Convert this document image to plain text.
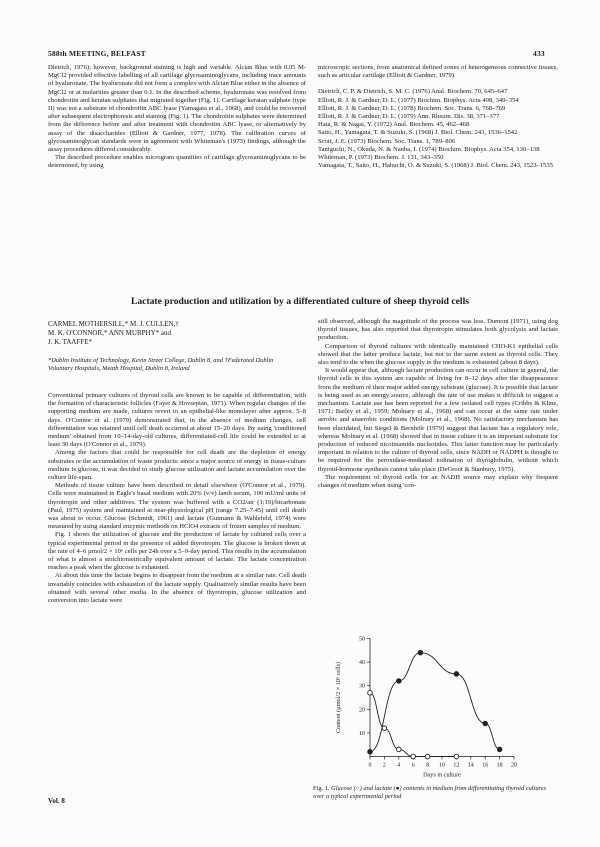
588th MEETING, BELFAST	433

Dietrich, 1976); however, background staining is high and variable. Alcian Blue with 0.05 M-MgCl2 provided effective labelling of all cartilage glycosaminoglycans, including trace amounts of hyaluronate. The hyaluronate did not form a complex with Alcian Blue either in the absence of MgCl2 or at molarities greater than 0.1. In the described scheme, hyaluronate was resolved from chondroitin and keratan sulphates that migrated together (Fig. 1). Cartilage keratan sulphate (type II) was not a substrate of chondroitin ABC lyase (Yamagata et al., 1968), and could be recovered after subsequent electrophoresis and staining (Fig. 1). The chondroitin sulphates were determined from the difference before and after treatment with chondroitin ABC lyase, or alternatively by assay of the disaccharides (Elliott & Gardner, 1977, 1978). The calibration curves of glycosaminoglycan standards were in agreement with Whiteman's (1973) findings, although the assay procedures differed considerably.

The described procedure enables microgram quantities of cartilage glycosaminoglycans to be determined, by using

microscopic sections, from anatomical defined zones of heterogeneous connective tissues, such as articular cartilage (Elliott & Gardner, 1979).

Dietrich, C. P. & Dietrich, S. M. C. (1976) Anal. Biochem. 70, 645–647
Elliott, R. J. & Gardner, D. L. (1977) Biochim. Biophys. Acta 498, 349–354
Elliott, R. J. & Gardner, D. L. (1978) Biochem. Soc. Trans. 6, 768–769
Elliott, R. J. & Gardner, D. L. (1979) Ann. Rheum. Dis. 38, 371–377
Hata, R. & Nagai, Y. (1972) Anal. Biochem. 45, 462–468
Saito, H., Yamagata, T. & Suzuki, S. (1968) J. Biol. Chem. 243, 1536–1542
Scott, J. E. (1973) Biochem. Soc. Trans. 1, 789–806
Taniguchi, N., Okuda, N. & Nanba, I. (1974) Biochim. Biophys. Acta 354, 130–138
Whiteman, P. (1973) Biochem. J. 131, 343–350
Yamagata, T., Saito, H., Habuchi, O. & Suzuki, S. (1968) J. Biol. Chem. 243, 1523–1535
Lactate production and utilization by a differentiated culture of sheep thyroid cells
CARMEL MOTHERSILL,* M. J. CULLEN,†
M. K. O'CONNOR,* ANN MURPHY* and
J. K. TAAFFE*
*Dublin Institute of Technology, Kevin Street College, Dublin 8, and †Federated Dublin Voluntary Hospitals, Meath Hospital, Dublin 8, Ireland

Conventional primary cultures of thyroid cells are known to be capable of differentiation, with the formation of characteristic follicles (Fayet & Hovsepian, 1971). When regular changes of the supporting medium are made, cultures revert to an epithelial-like monolayer after approx. 5–8 days. O'Connor et al. (1979) demonstrated that, in the absence of medium changes, cell differentiation was retained until cell death occurred at about 15–20 days. By using 'conditioned medium' obtained from 10–14-day-old cultures, differentiated-cell life could be extended to at least 30 days (O'Connor et al., 1979).

Among the factors that could be responsible for cell death are the depletion of energy substrates or the accumulation of waste products: since a major source of energy in tissue-culture medium is glucose, it was decided to study glucose utilization and lactate accumulation over the culture life-span.

Methods of tissue culture have been described in detail elsewhere (O'Connor et al., 1979). Cells were maintained in Eagle's basal medium with 20% (v/v) lamb serum, 100 mU/ml units of thyrotropin and other additives. The system was buffered with a CO2/air (1:19)/bicarbonate (Paul, 1975) system and maintained at near-physiological pH (range 7.25–7.45) until cell death was about to occur. Glucose (Schmidt, 1961) and lactate (Gutmann & Wahlefeld, 1974) were measured by using standard enzymic methods on HClO4 extracts of frozen samples of medium.

Fig. 1 shows the utilization of glucose and the production of lactate by cultured cells over a typical experimental period in the presence of added thyrotropin. The glucose is broken down at the rate of 4–6 µmol/2 × 10⁶ cells per 24h over a 5–9-day period. This results in the accumulation of what is almost a stoichiometrically equivalent amount of lactate. The lactate concentration reaches a peak when the glucose is exhausted.

At about this time the lactate begins to disappear from the medium at a similar rate. Cell death invariably coincides with exhaustion of the lactate supply. Qualitatively similar results have been obtained with several other media. In the absence of thyrotropin, glucose utilization and conversion into lactate were

still observed, although the magnitude of the process was less. Dumont (1971), using dog thyroid tissues, has also reported that thyrotropin stimulates both glycolysis and lactate production.

Comparison of thyroid cultures with identically maintained CHO-K1 epithelial cells showed that the latter produce lactate, but not to the same extent as thyroid cells. They also tend to die when the glucose supply in the medium is exhausted (about 8 days).

It would appear that, although lactate production can occur in cell culture in general, the thyroid cells in this system are capable of living for 8–12 days after the disappearance from the medium of their major added energy substrate (glucose). It is possible that lactate is being used as an energy source, although the rate of use makes it difficult to suggest a mechanism. Lactate use has been reported for a few isolated cell types (Cribbs & Kline, 1971; Bailey et al., 1959; Molnary et al., 1968) and can occur at the same rate under aerobic and anaerobic conditions (Molnary et al., 1968). No satisfactory mechanism has been elucidated, but Siegel & Bernhölr (1979) suggest that lactate has a regulatory role, whereas Molnary et al. (1968) showed that in tissue culture it is an important substrate for production of reduced nicotinamide nucleotides. This latter function may be particularly important in relation to the culture of thyroid cells, since NADH or NADPH is thought to be required for the peroxidase-mediated iodination of thyroglobulin, without which thyroid-hormone synthesis cannot take place (DeGroot & Stanbury, 1975).

The requirement of thyroid cells for an NADH source may explain why frequent changes of medium when using 'con-

0 2 4 6 8 10 12 14 16 18 20
10
20
30
40
50
Days in culture
Content (µmol/2 × 10⁶ cells)
Fig. 1. Glucose (○) and lactate (●) contents in medium from differentiating thyroid cultures over a typical experimental period
Vol. 8
